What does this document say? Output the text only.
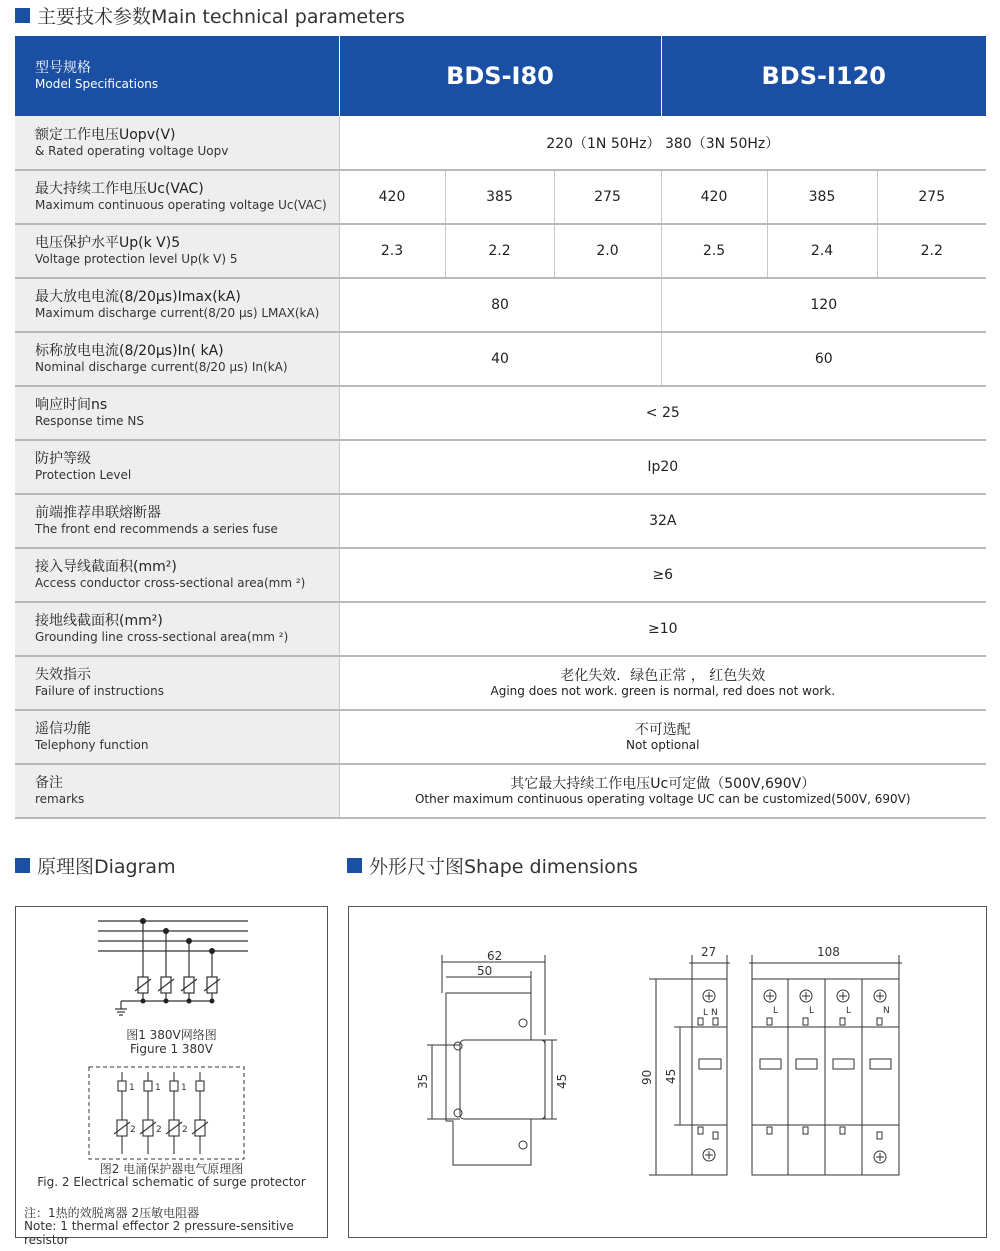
主要技术参数Main technical parameters
型号规格
Model Specifications	BDS-I80			BDS-I120		

额定工作电压Uopv(V)
& Rated operating voltage Uopv	220（1N 50Hz） 380（3N 50Hz）					

最大持续工作电压Uc(VAC)
Maximum continuous operating voltage Uc(VAC)	420	385	275	420	385	275

电压保护水平Up(k V)5
Voltage protection level Up(k V) 5	2.3	2.2	2.0	2.5	2.4	2.2

最大放电电流(8/20μs)Imax(kA)
Maximum discharge current(8/20 μs) LMAX(kA)	80			120		

标称放电电流(8/20μs)In( kA)
Nominal discharge current(8/20 μs) In(kA)	40			60		

响应时间ns
Response time NS	< 25					

防护等级
Protection Level	Ip20					

前端推荐串联熔断器
The front end recommends a series fuse	32A					

接入导线截面积(mm²)
Access conductor cross-sectional area(mm ²)	≥6					

接地线截面积(mm²)
Grounding line cross-sectional area(mm ²)	≥10					

失效指示
Failure of instructions	老化失效．绿色正常 ， 红色失效
Aging does not work. green is normal, red does not work.					

遥信功能
Telephony function	不可选配
Not optional					

备注
remarks	其它最大持续工作电压Uc可定做（500V,690V）
Other maximum continuous operating voltage UC can be customized(500V, 690V)					
原理图Diagram	外形尺寸图Shape dimensions
1 1 1
2 2 2
图1 380V网络图
Figure 1 380V
图2 电涌保护器电气原理图
Fig. 2 Electrical schematic of surge protector
注：1热的效脱离器 2压敏电阻器
Note: 1 thermal effector 2 pressure-sensitive resistor
62
50
35	45
27
90 45
108
L N	L	L	L	N
